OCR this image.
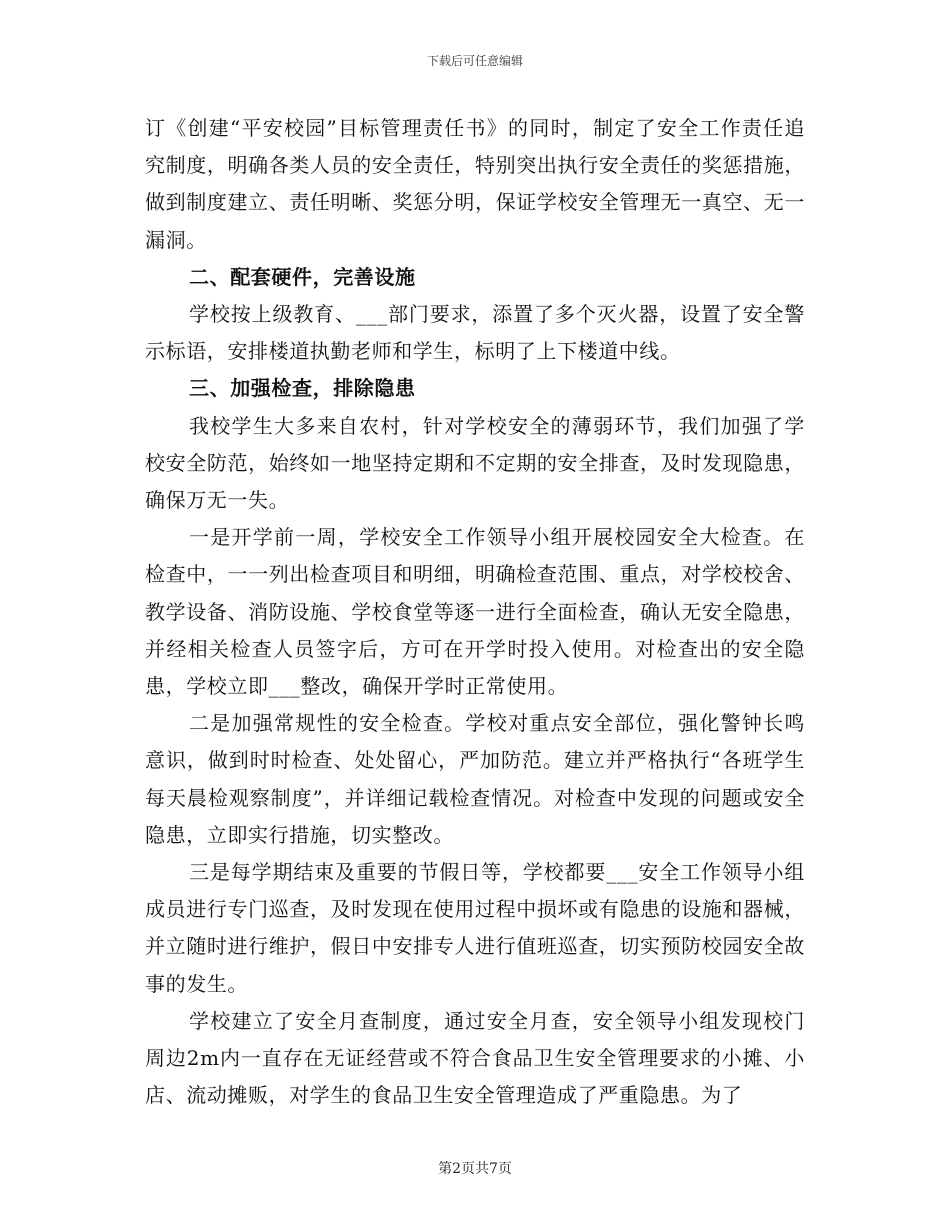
下载后可任意编辑

订《创建“平安校园”目标管理责任书》的同时，制定了安全工作责任追究制度，明确各类人员的安全责任，特别突出执行安全责任的奖惩措施，做到制度建立、责任明晰、奖惩分明，保证学校安全管理无一真空、无一漏洞。

二、配套硬件，完善设施

学校按上级教育、___部门要求，添置了多个灭火器，设置了安全警示标语，安排楼道执勤老师和学生，标明了上下楼道中线。

三、加强检查，排除隐患

我校学生大多来自农村，针对学校安全的薄弱环节，我们加强了学校安全防范，始终如一地坚持定期和不定期的安全排查，及时发现隐患，确保万无一失。

一是开学前一周，学校安全工作领导小组开展校园安全大检查。在检查中，一一列出检查项目和明细，明确检查范围、重点，对学校校舍、教学设备、消防设施、学校食堂等逐一进行全面检查，确认无安全隐患，并经相关检查人员签字后，方可在开学时投入使用。对检查出的安全隐患，学校立即___整改，确保开学时正常使用。

二是加强常规性的安全检查。学校对重点安全部位，强化警钟长鸣意识，做到时时检查、处处留心，严加防范。建立并严格执行“各班学生每天晨检观察制度”，并详细记载检查情况。对检查中发现的问题或安全隐患，立即实行措施，切实整改。

三是每学期结束及重要的节假日等，学校都要___安全工作领导小组成员进行专门巡查，及时发现在使用过程中损坏或有隐患的设施和器械，并立随时进行维护，假日中安排专人进行值班巡查，切实预防校园安全故事的发生。

学校建立了安全月查制度，通过安全月查，安全领导小组发现校门周边2m内一直存在无证经营或不符合食品卫生安全管理要求的小摊、小店、流动摊贩，对学生的食品卫生安全管理造成了严重隐患。为了

第2页共7页
